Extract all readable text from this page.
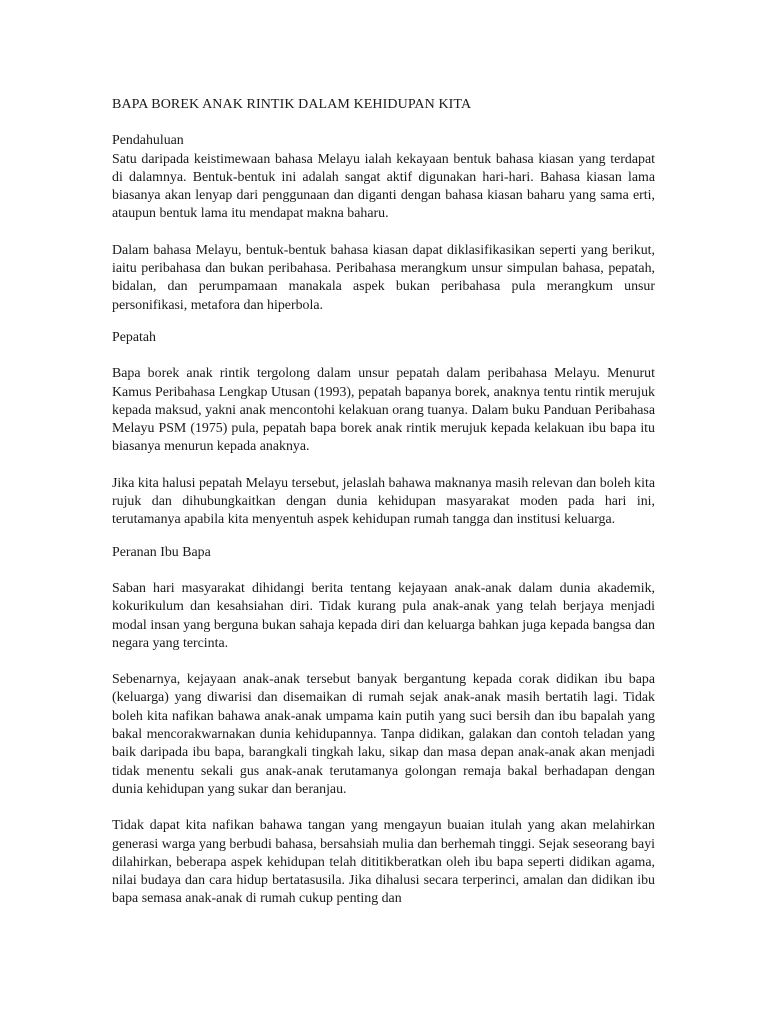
BAPA BOREK ANAK RINTIK DALAM KEHIDUPAN KITA
Pendahuluan

Satu daripada keistimewaan bahasa Melayu ialah kekayaan bentuk bahasa kiasan yang terdapat di dalamnya. Bentuk-bentuk ini adalah sangat aktif digunakan hari-hari. Bahasa kiasan lama biasanya akan lenyap dari penggunaan dan diganti dengan bahasa kiasan baharu yang sama erti, ataupun bentuk lama itu mendapat makna baharu.

Dalam bahasa Melayu, bentuk-bentuk bahasa kiasan dapat diklasifikasikan seperti yang berikut, iaitu peribahasa dan bukan peribahasa. Peribahasa merangkum unsur simpulan bahasa, pepatah, bidalan, dan perumpamaan manakala aspek bukan peribahasa pula merangkum unsur personifikasi, metafora dan hiperbola.

Pepatah

Bapa borek anak rintik tergolong dalam unsur pepatah dalam peribahasa Melayu. Menurut Kamus Peribahasa Lengkap Utusan (1993), pepatah bapanya borek, anaknya tentu rintik merujuk kepada maksud, yakni anak mencontohi kelakuan orang tuanya. Dalam buku Panduan Peribahasa Melayu PSM (1975) pula, pepatah bapa borek anak rintik merujuk kepada kelakuan ibu bapa itu biasanya menurun kepada anaknya.

Jika kita halusi pepatah Melayu tersebut, jelaslah bahawa maknanya masih relevan dan boleh kita rujuk dan dihubungkaitkan dengan dunia kehidupan masyarakat moden pada hari ini, terutamanya apabila kita menyentuh aspek kehidupan rumah tangga dan institusi keluarga.

Peranan Ibu Bapa

Saban hari masyarakat dihidangi berita tentang kejayaan anak-anak dalam dunia akademik, kokurikulum dan kesahsiahan diri. Tidak kurang pula anak-anak yang telah berjaya menjadi modal insan yang berguna bukan sahaja kepada diri dan keluarga bahkan juga kepada bangsa dan negara yang tercinta.

Sebenarnya, kejayaan anak-anak tersebut banyak bergantung kepada corak didikan ibu bapa (keluarga) yang diwarisi dan disemaikan di rumah sejak anak-anak masih bertatih lagi. Tidak boleh kita nafikan bahawa anak-anak umpama kain putih yang suci bersih dan ibu bapalah yang bakal mencorakwarnakan dunia kehidupannya. Tanpa didikan, galakan dan contoh teladan yang baik daripada ibu bapa, barangkali tingkah laku, sikap dan masa depan anak-anak akan menjadi tidak menentu sekali gus anak-anak terutamanya golongan remaja bakal berhadapan dengan dunia kehidupan yang sukar dan beranjau.

Tidak dapat kita nafikan bahawa tangan yang mengayun buaian itulah yang akan melahirkan generasi warga yang berbudi bahasa, bersahsiah mulia dan berhemah tinggi. Sejak seseorang bayi dilahirkan, beberapa aspek kehidupan telah dititikberatkan oleh ibu bapa seperti didikan agama, nilai budaya dan cara hidup bertatasusila. Jika dihalusi secara terperinci, amalan dan didikan ibu bapa semasa anak-anak di rumah cukup penting dan
